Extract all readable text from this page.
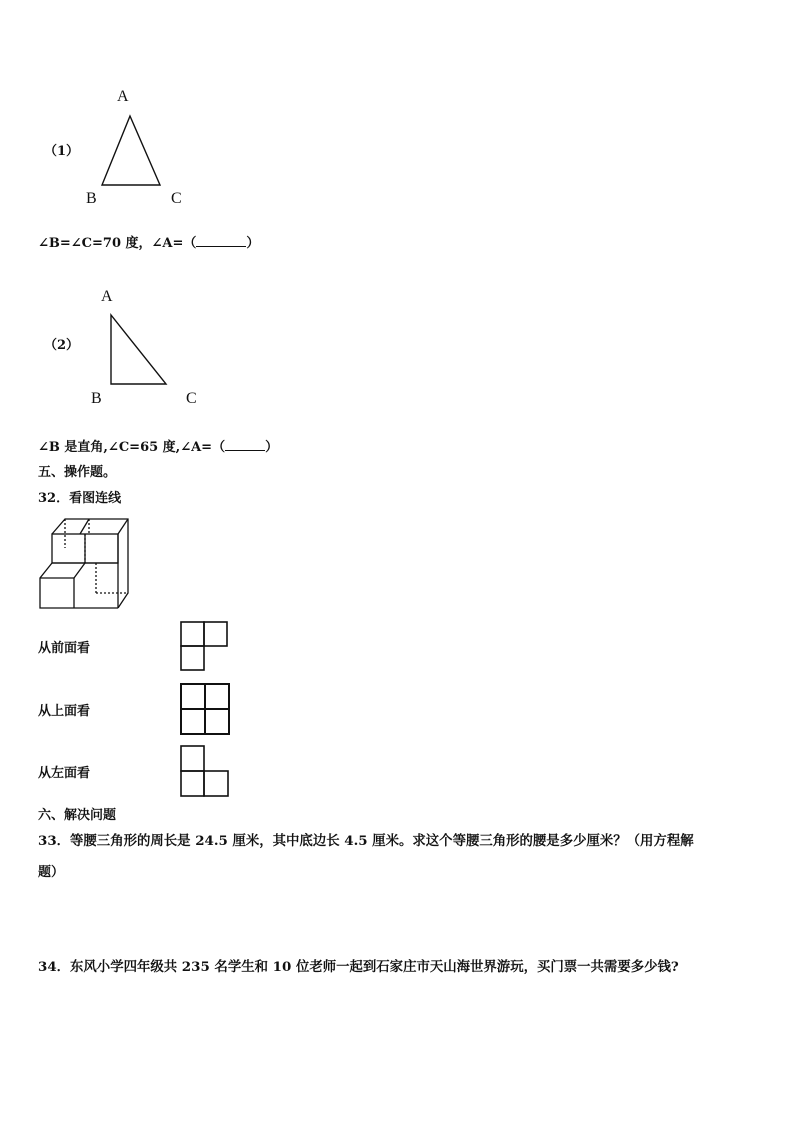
A
（1）
B	C
∠B=∠C=70 度，∠A=（	）
A
（2）
B	C
∠B 是直角,∠C=65 度,∠A=（	）
五、操作题。
32．看图连线
从前面看
从上面看
从左面看
六、解决问题
33．等腰三角形的周长是 24.5 厘米，其中底边长 4.5 厘米。求这个等腰三角形的腰是多少厘米？（用方程解
题）
34．东风小学四年级共 235 名学生和 10 位老师一起到石家庄市天山海世界游玩，买门票一共需要多少钱?
